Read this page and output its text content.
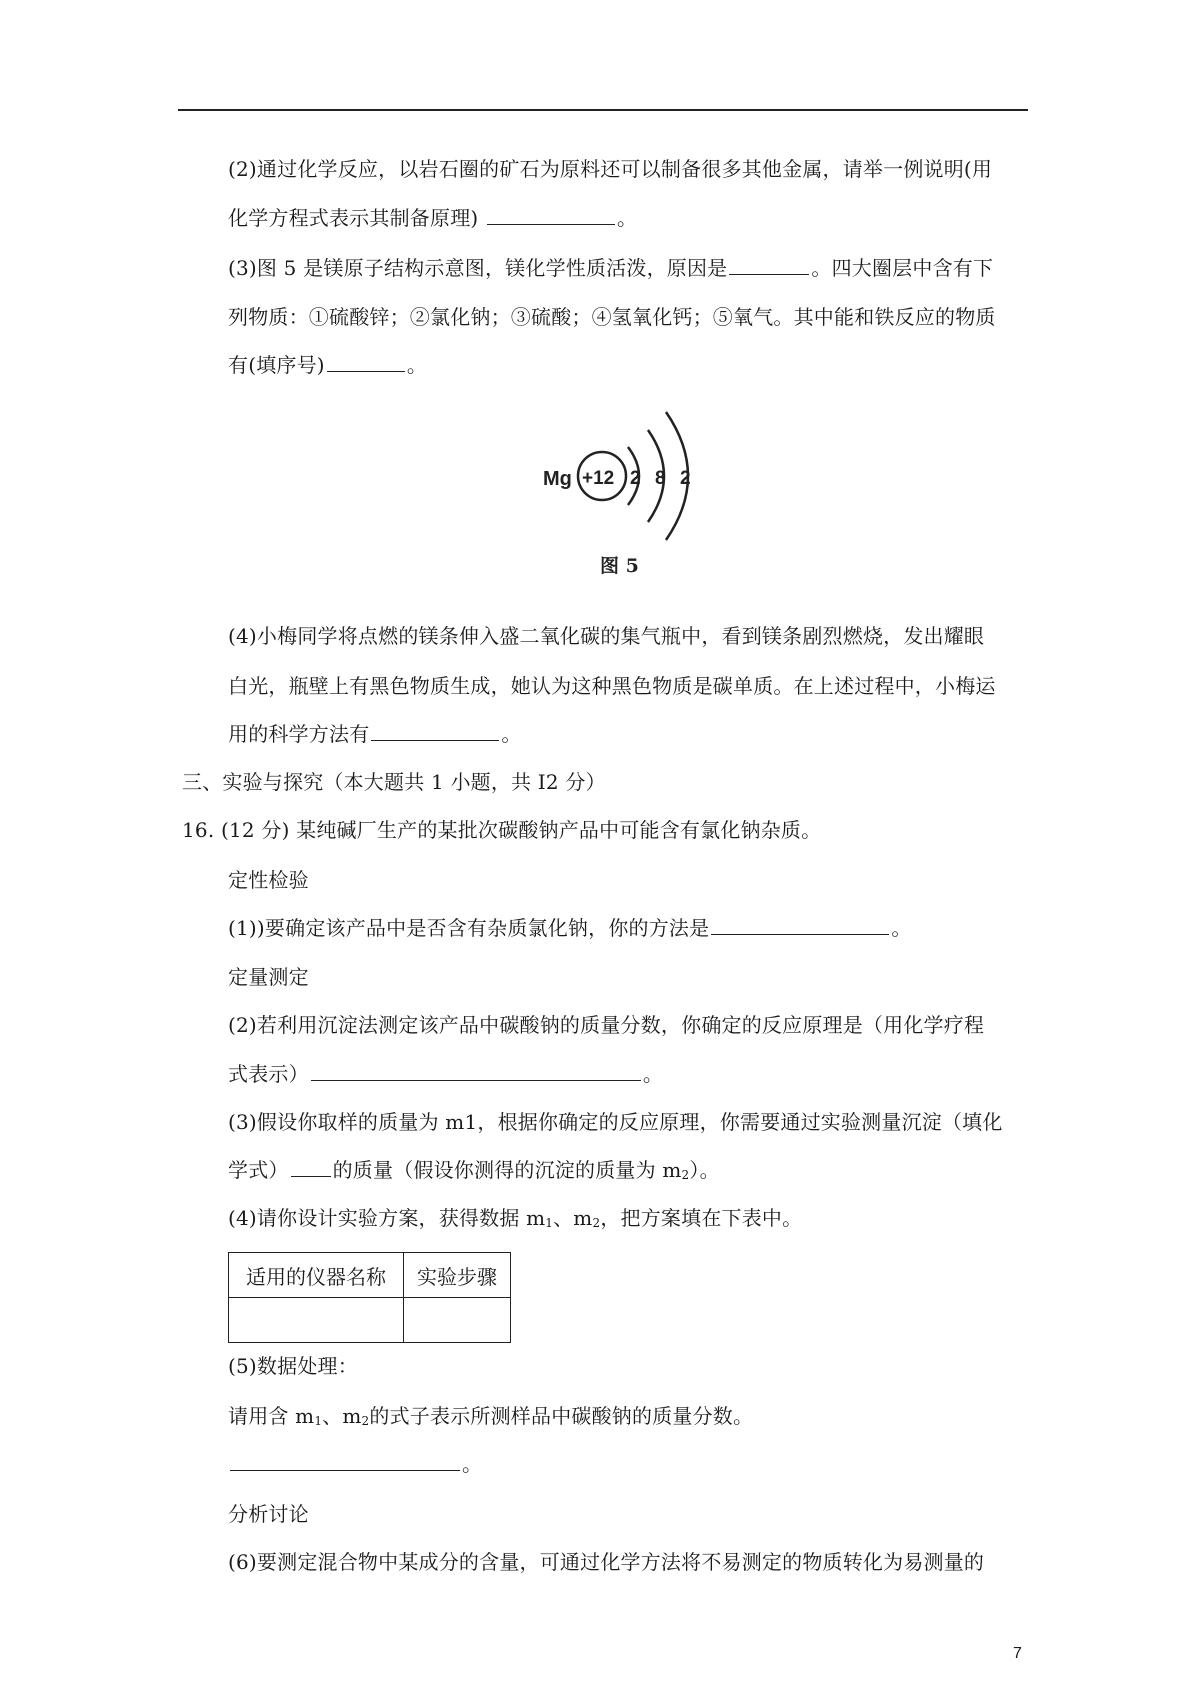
(2)通过化学反应，以岩石圈的矿石为原料还可以制备很多其他金属，请举一例说明(用
化学方程式表示其制备原理)	。
(3)图 5 是镁原子结构示意图，镁化学性质活泼，原因是	。四大圈层中含有下
列物质：①硫酸锌；②氯化钠；③硫酸；④氢氧化钙；⑤氧气。其中能和铁反应的物质
有(填序号)	。
Mg +12 2 8 2
图 5
(4)小梅同学将点燃的镁条伸入盛二氧化碳的集气瓶中，看到镁条剧烈燃烧，发出耀眼
白光，瓶壁上有黑色物质生成，她认为这种黑色物质是碳单质。在上述过程中，小梅运
用的科学方法有	。
三、实验与探究（本大题共 1 小题，共 I2 分）
16. (12 分) 某纯碱厂生产的某批次碳酸钠产品中可能含有氯化钠杂质。
定性检验
(1))要确定该产品中是否含有杂质氯化钠，你的方法是	。
定量测定
(2)若利用沉淀法测定该产品中碳酸钠的质量分数，你确定的反应原理是（用化学疗程
式表示）	。
(3)假设你取样的质量为 m1，根据你确定的反应原理，你需要通过实验测量沉淀（填化
学式） 的质量（假设你测得的沉淀的质量为 m2）。
(4)请你设计实验方案，获得数据 m1、m2，把方案填在下表中。
适用的仪器名称	实验步骤

(5)数据处理：
请用含 m1、m2的式子表示所测样品中碳酸钠的质量分数。
。
分析讨论
(6)要测定混合物中某成分的含量，可通过化学方法将不易测定的物质转化为易测量的
7
